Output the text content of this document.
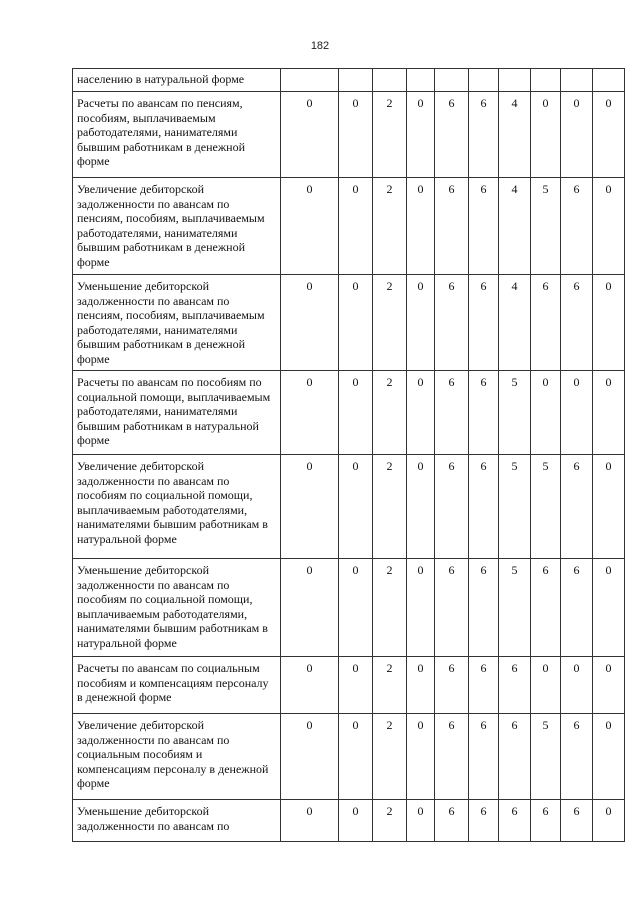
182
населению в натуральной форме										
Расчеты по авансам по пенсиям, пособиям, выплачиваемым работодателями, нанимателями бывшим работникам в денежной форме	0	0	2	0	6	6	4	0	0	0
Увеличение дебиторской задолженности по авансам по пенсиям, пособиям, выплачиваемым работодателями, нанимателями бывшим работникам в денежной форме	0	0	2	0	6	6	4	5	6	0
Уменьшение дебиторской задолженности по авансам по пенсиям, пособиям, выплачиваемым работодателями, нанимателями бывшим работникам в денежной форме	0	0	2	0	6	6	4	6	6	0
Расчеты по авансам по пособиям по социальной помощи, выплачиваемым работодателями, нанимателями бывшим работникам в натуральной форме	0	0	2	0	6	6	5	0	0	0
Увеличение дебиторской задолженности по авансам по пособиям по социальной помощи, выплачиваемым работодателями, нанимателями бывшим работникам в натуральной форме	0	0	2	0	6	6	5	5	6	0
Уменьшение дебиторской задолженности по авансам по пособиям по социальной помощи, выплачиваемым работодателями, нанимателями бывшим работникам в натуральной форме	0	0	2	0	6	6	5	6	6	0
Расчеты по авансам по социальным пособиям и компенсациям персоналу в денежной форме	0	0	2	0	6	6	6	0	0	0
Увеличение дебиторской задолженности по авансам по социальным пособиям и компенсациям персоналу в денежной форме	0	0	2	0	6	6	6	5	6	0
Уменьшение дебиторской задолженности по авансам по	0	0	2	0	6	6	6	6	6	0
